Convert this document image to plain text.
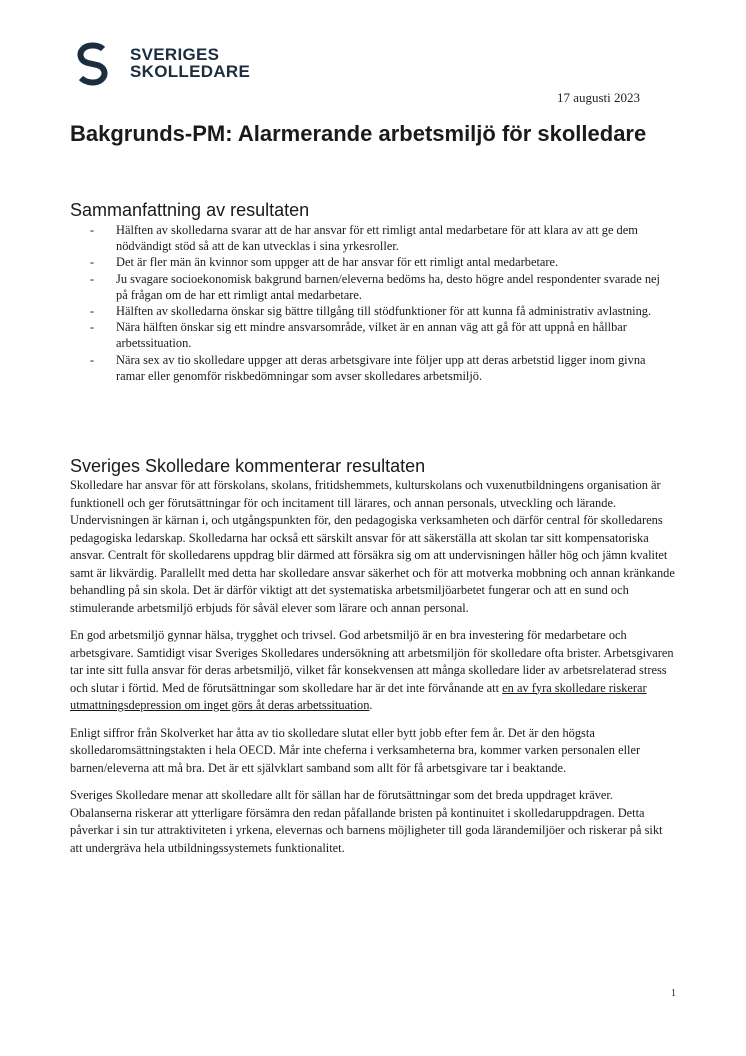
SVERIGES
SKOLLEDARE
17 augusti 2023
Bakgrunds-PM: Alarmerande arbetsmiljö för skolledare
Sammanfattning av resultaten
- Hälften av skolledarna svarar att de har ansvar för ett rimligt antal medarbetare för att klara av att ge dem nödvändigt stöd så att de kan utvecklas i sina yrkesroller.
- Det är fler män än kvinnor som uppger att de har ansvar för ett rimligt antal medarbetare.
- Ju svagare socioekonomisk bakgrund barnen/eleverna bedöms ha, desto högre andel respondenter svarade nej på frågan om de har ett rimligt antal medarbetare.
- Hälften av skolledarna önskar sig bättre tillgång till stödfunktioner för att kunna få administrativ avlastning.
- Nära hälften önskar sig ett mindre ansvarsområde, vilket är en annan väg att gå för att uppnå en hållbar arbetssituation.
- Nära sex av tio skolledare uppger att deras arbetsgivare inte följer upp att deras arbetstid ligger inom givna ramar eller genomför riskbedömningar som avser skolledares arbetsmiljö.
Sveriges Skolledare kommenterar resultaten

Skolledare har ansvar för att förskolans, skolans, fritidshemmets, kulturskolans och vuxenutbildningens organisation är funktionell och ger förutsättningar för och incitament till lärares, och annan personals, utveckling och lärande. Undervisningen är kärnan i, och utgångspunkten för, den pedagogiska verksamheten och därför central för skolledarens pedagogiska ledarskap. Skolledarna har också ett särskilt ansvar för att säkerställa att skolan tar sitt kompensatoriska ansvar. Centralt för skolledarens uppdrag blir därmed att försäkra sig om att undervisningen håller hög och jämn kvalitet samt är likvärdig. Parallellt med detta har skolledare ansvar säkerhet och för att motverka mobbning och annan kränkande behandling på sin skola. Det är därför viktigt att det systematiska arbetsmiljöarbetet fungerar och att en sund och stimulerande arbetsmiljö erbjuds för såväl elever som lärare och annan personal.

En god arbetsmiljö gynnar hälsa, trygghet och trivsel. God arbetsmiljö är en bra investering för medarbetare och arbetsgivare. Samtidigt visar Sveriges Skolledares undersökning att arbetsmiljön för skolledare ofta brister. Arbetsgivaren tar inte sitt fulla ansvar för deras arbetsmiljö, vilket får konsekvensen att många skolledare lider av arbetsrelaterad stress och slutar i förtid. Med de förutsättningar som skolledare har är det inte förvånande att en av fyra skolledare riskerar utmattningsdepression om inget görs åt deras arbetssituation.

Enligt siffror från Skolverket har åtta av tio skolledare slutat eller bytt jobb efter fem år. Det är den högsta skolledaromsättningstakten i hela OECD. Mår inte cheferna i verksamheterna bra, kommer varken personalen eller barnen/eleverna att må bra. Det är ett självklart samband som allt för få arbetsgivare tar i beaktande.

Sveriges Skolledare menar att skolledare allt för sällan har de förutsättningar som det breda uppdraget kräver. Obalanserna riskerar att ytterligare försämra den redan påfallande bristen på kontinuitet i skolledaruppdragen. Detta påverkar i sin tur attraktiviteten i yrkena, elevernas och barnens möjligheter till goda lärandemiljöer och riskerar på sikt att undergräva hela utbildningssystemets funktionalitet.

1
